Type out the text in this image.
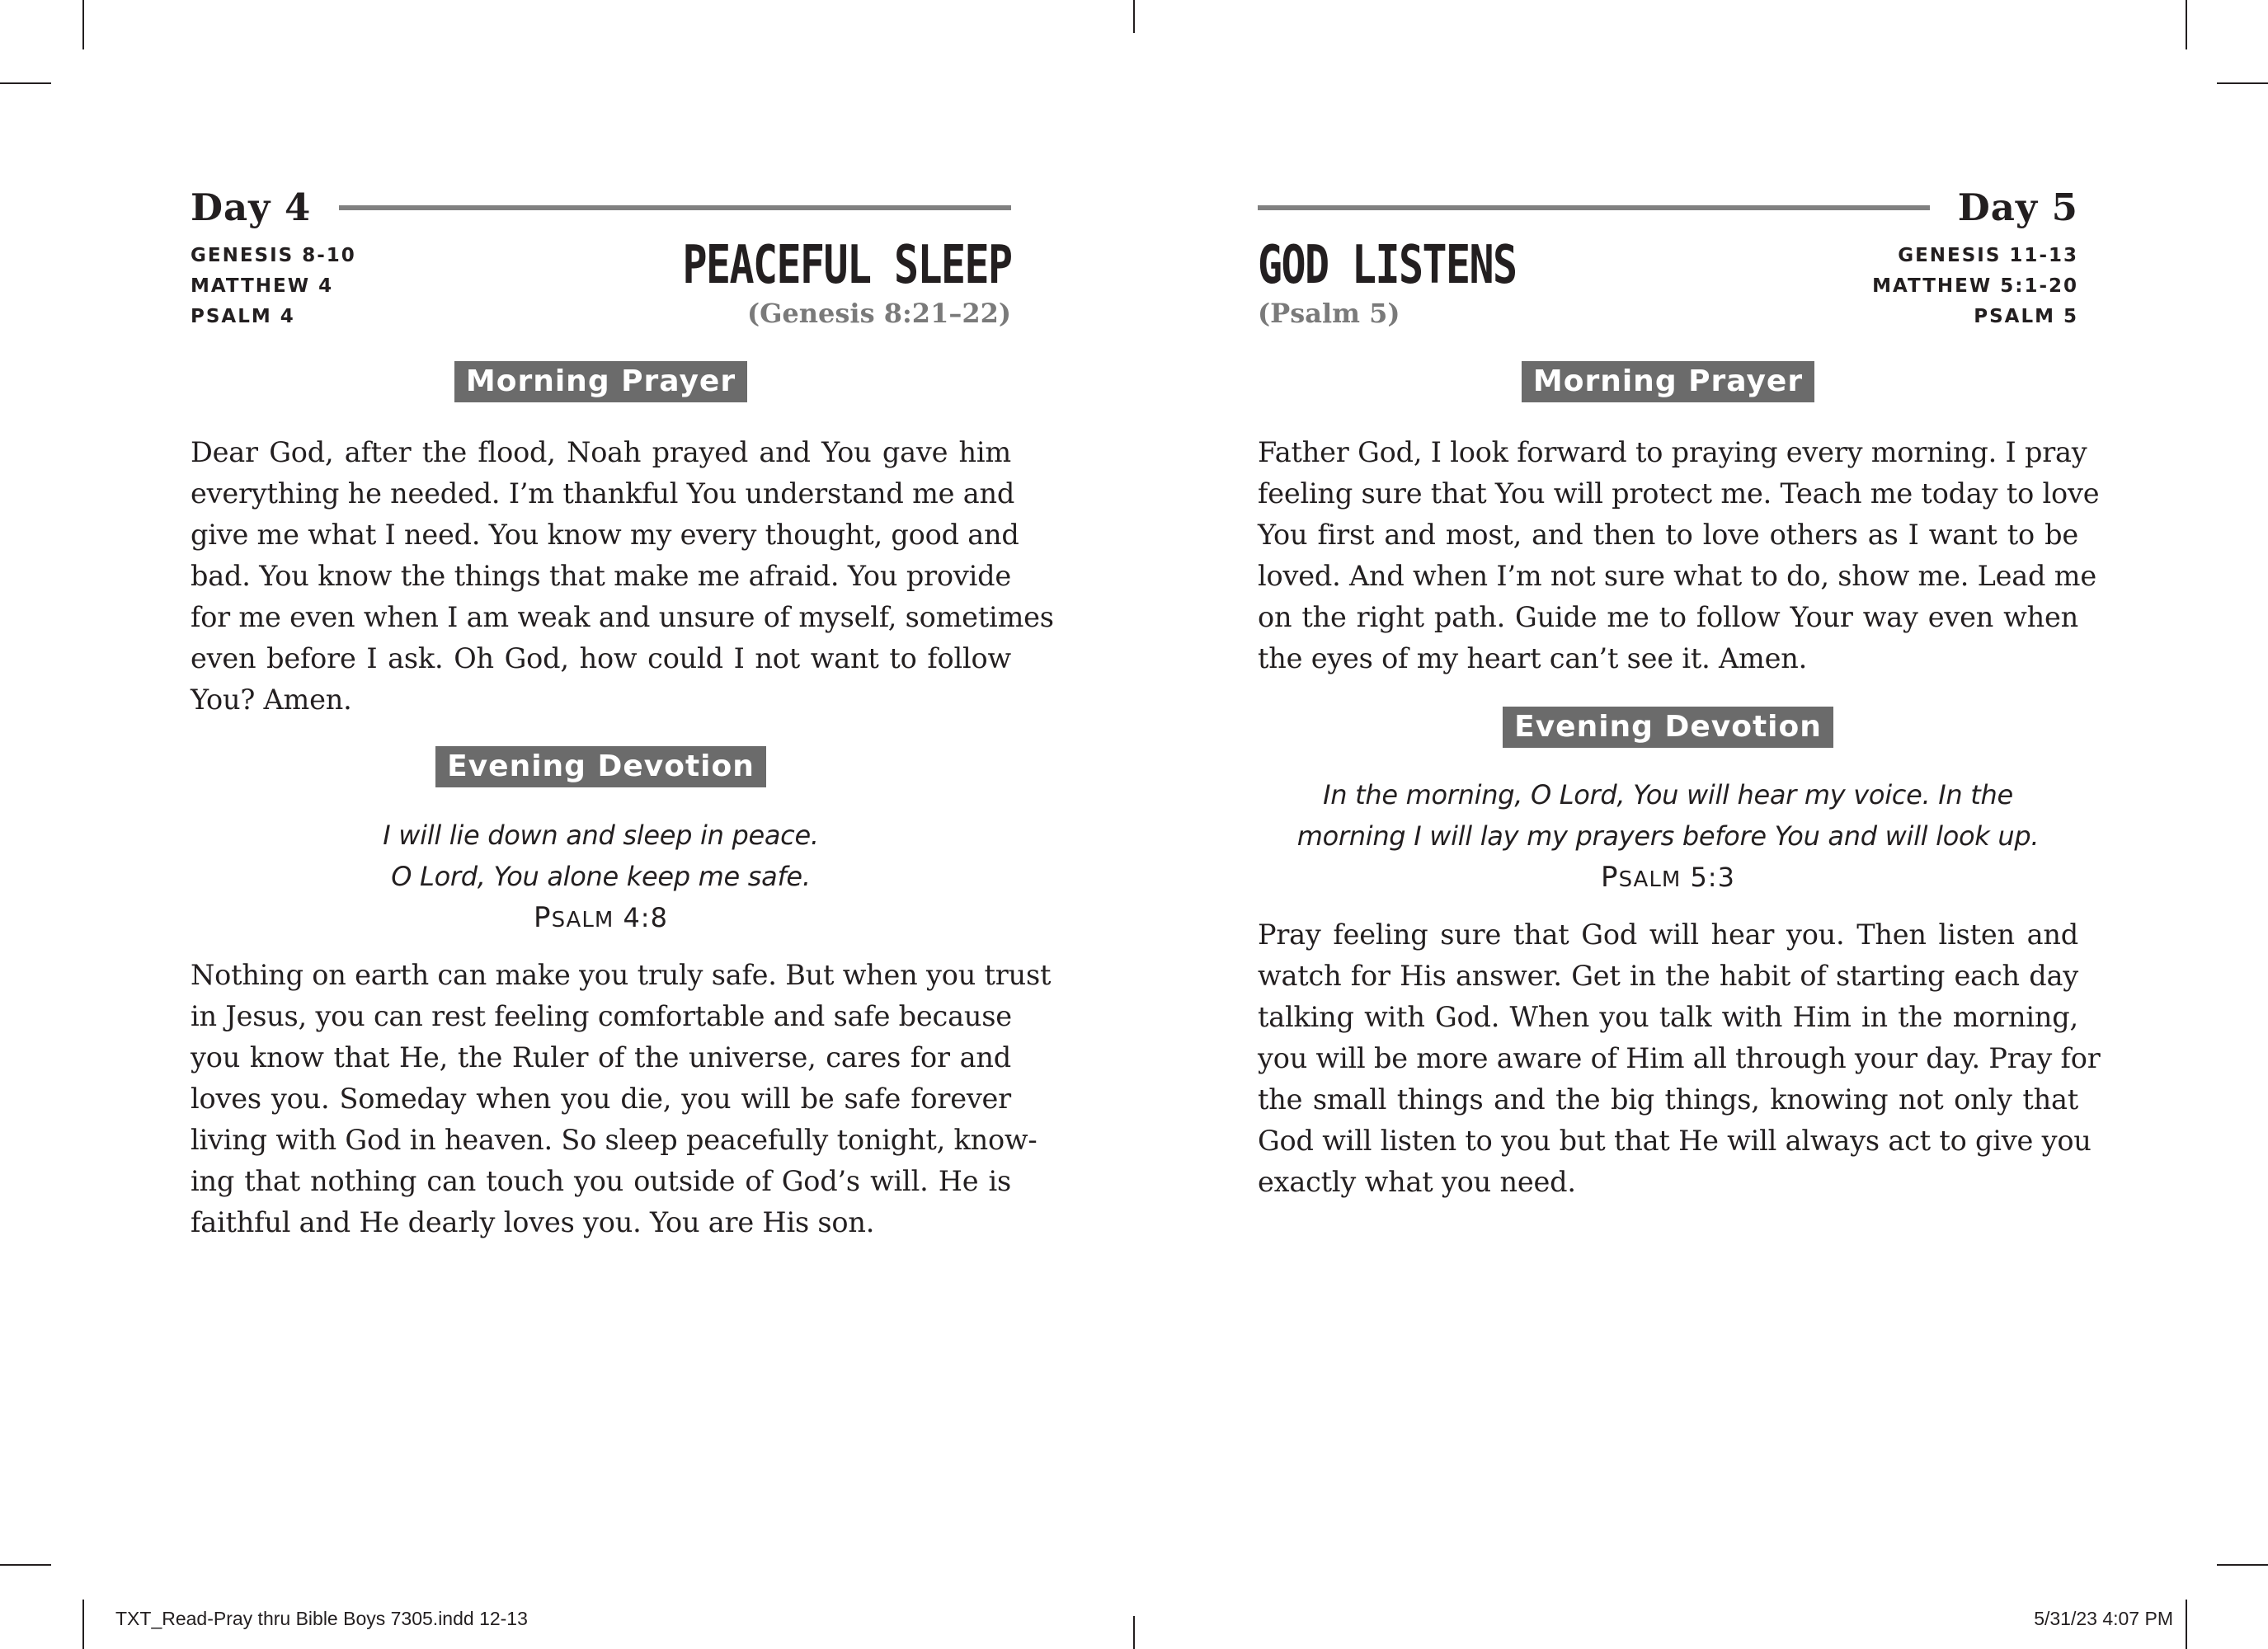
Day 4
GENESIS 8-10
MATTHEW 4
PSALM 4
PEACEFUL SLEEP
(Genesis 8:21–22)
Morning Prayer
Dear God, after the flood, Noah prayed and You gave him
everything he needed. I’m thankful You understand me and
give me what I need. You know my every thought, good and
bad. You know the things that make me afraid. You provide
for me even when I am weak and unsure of myself, sometimes
even before I ask. Oh God, how could I not want to follow
You? Amen.
Evening Devotion
I will lie down and sleep in peace.
O Lord, You alone keep me safe.
PSALM 4:8
Nothing on earth can make you truly safe. But when you trust
in Jesus, you can rest feeling comfortable and safe because
you know that He, the Ruler of the universe, cares for and
loves you. Someday when you die, you will be safe forever
living with God in heaven. So sleep peacefully tonight, know-
ing that nothing can touch you outside of God’s will. He is
faithful and He dearly loves you. You are His son.
Day 5
GENESIS 11-13
MATTHEW 5:1-20
PSALM 5
GOD LISTENS
(Psalm 5)
Morning Prayer
Father God, I look forward to praying every morning. I pray
feeling sure that You will protect me. Teach me today to love
You first and most, and then to love others as I want to be
loved. And when I’m not sure what to do, show me. Lead me
on the right path. Guide me to follow Your way even when
the eyes of my heart can’t see it. Amen.
Evening Devotion
In the morning, O Lord, You will hear my voice. In the
morning I will lay my prayers before You and will look up.
PSALM 5:3
Pray feeling sure that God will hear you. Then listen and
watch for His answer. Get in the habit of starting each day
talking with God. When you talk with Him in the morning,
you will be more aware of Him all through your day. Pray for
the small things and the big things, knowing not only that
God will listen to you but that He will always act to give you
exactly what you need.
TXT_Read-Pray thru Bible Boys 7305.indd 12-13	5/31/23 4:07 PM
